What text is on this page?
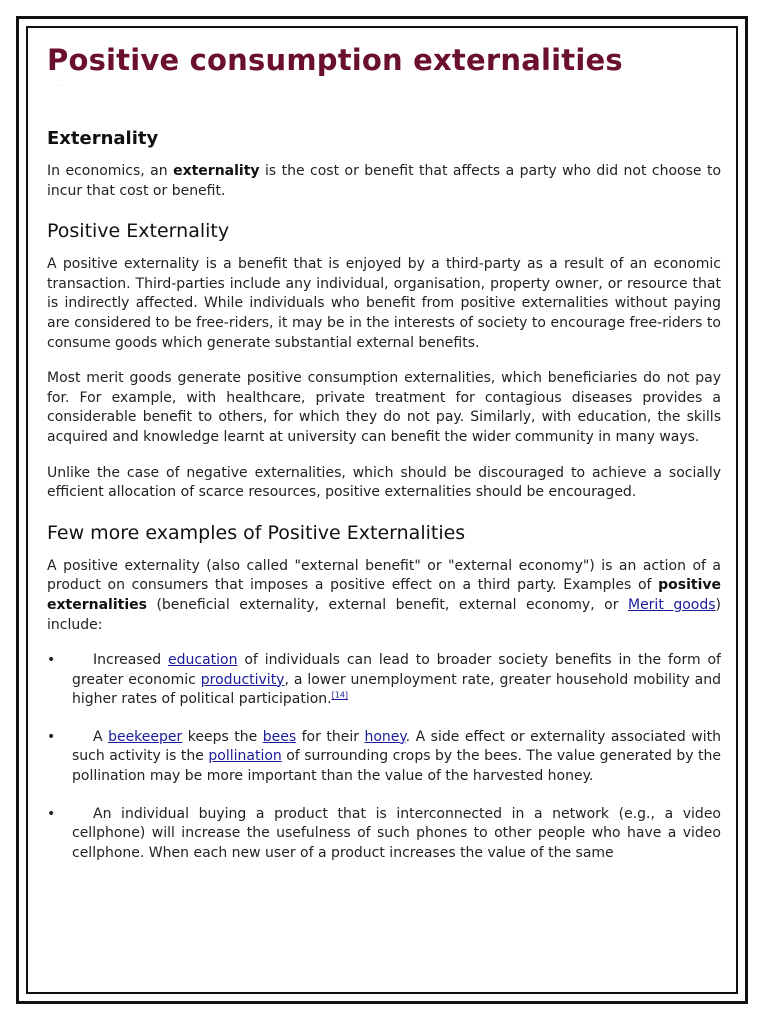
Positive consumption externalities
·
Externality

In economics, an externality is the cost or benefit that affects a party who did not choose to incur that cost or benefit.

Positive Externality

A positive externality is a benefit that is enjoyed by a third-party as a result of an economic transaction. Third-parties include any individual, organisation, property owner, or resource that is indirectly affected. While individuals who benefit from positive externalities without paying are considered to be free-riders, it may be in the interests of society to encourage free-riders to consume goods which generate substantial external benefits.

Most merit goods generate positive consumption externalities, which beneficiaries do not pay for. For example, with healthcare, private treatment for contagious diseases provides a considerable benefit to others, for which they do not pay. Similarly, with education, the skills acquired and knowledge learnt at university can benefit the wider community in many ways.

Unlike the case of negative externalities, which should be discouraged to achieve a socially efficient allocation of scarce resources, positive externalities should be encouraged.

Few more examples of Positive Externalities

A positive externality (also called "external benefit" or "external economy") is an action of a product on consumers that imposes a positive effect on a third party. Examples of positive externalities (beneficial externality, external benefit, external economy, or Merit goods) include:

•	Increased education of individuals can lead to broader society benefits in the form of greater economic productivity, a lower unemployment rate, greater household mobility and higher rates of political participation.[14]
•	A beekeeper keeps the bees for their honey. A side effect or externality associated with such activity is the pollination of surrounding crops by the bees. The value generated by the pollination may be more important than the value of the harvested honey.
•	An individual buying a product that is interconnected in a network (e.g., a video cellphone) will increase the usefulness of such phones to other people who have a video cellphone. When each new user of a product increases the value of the same
